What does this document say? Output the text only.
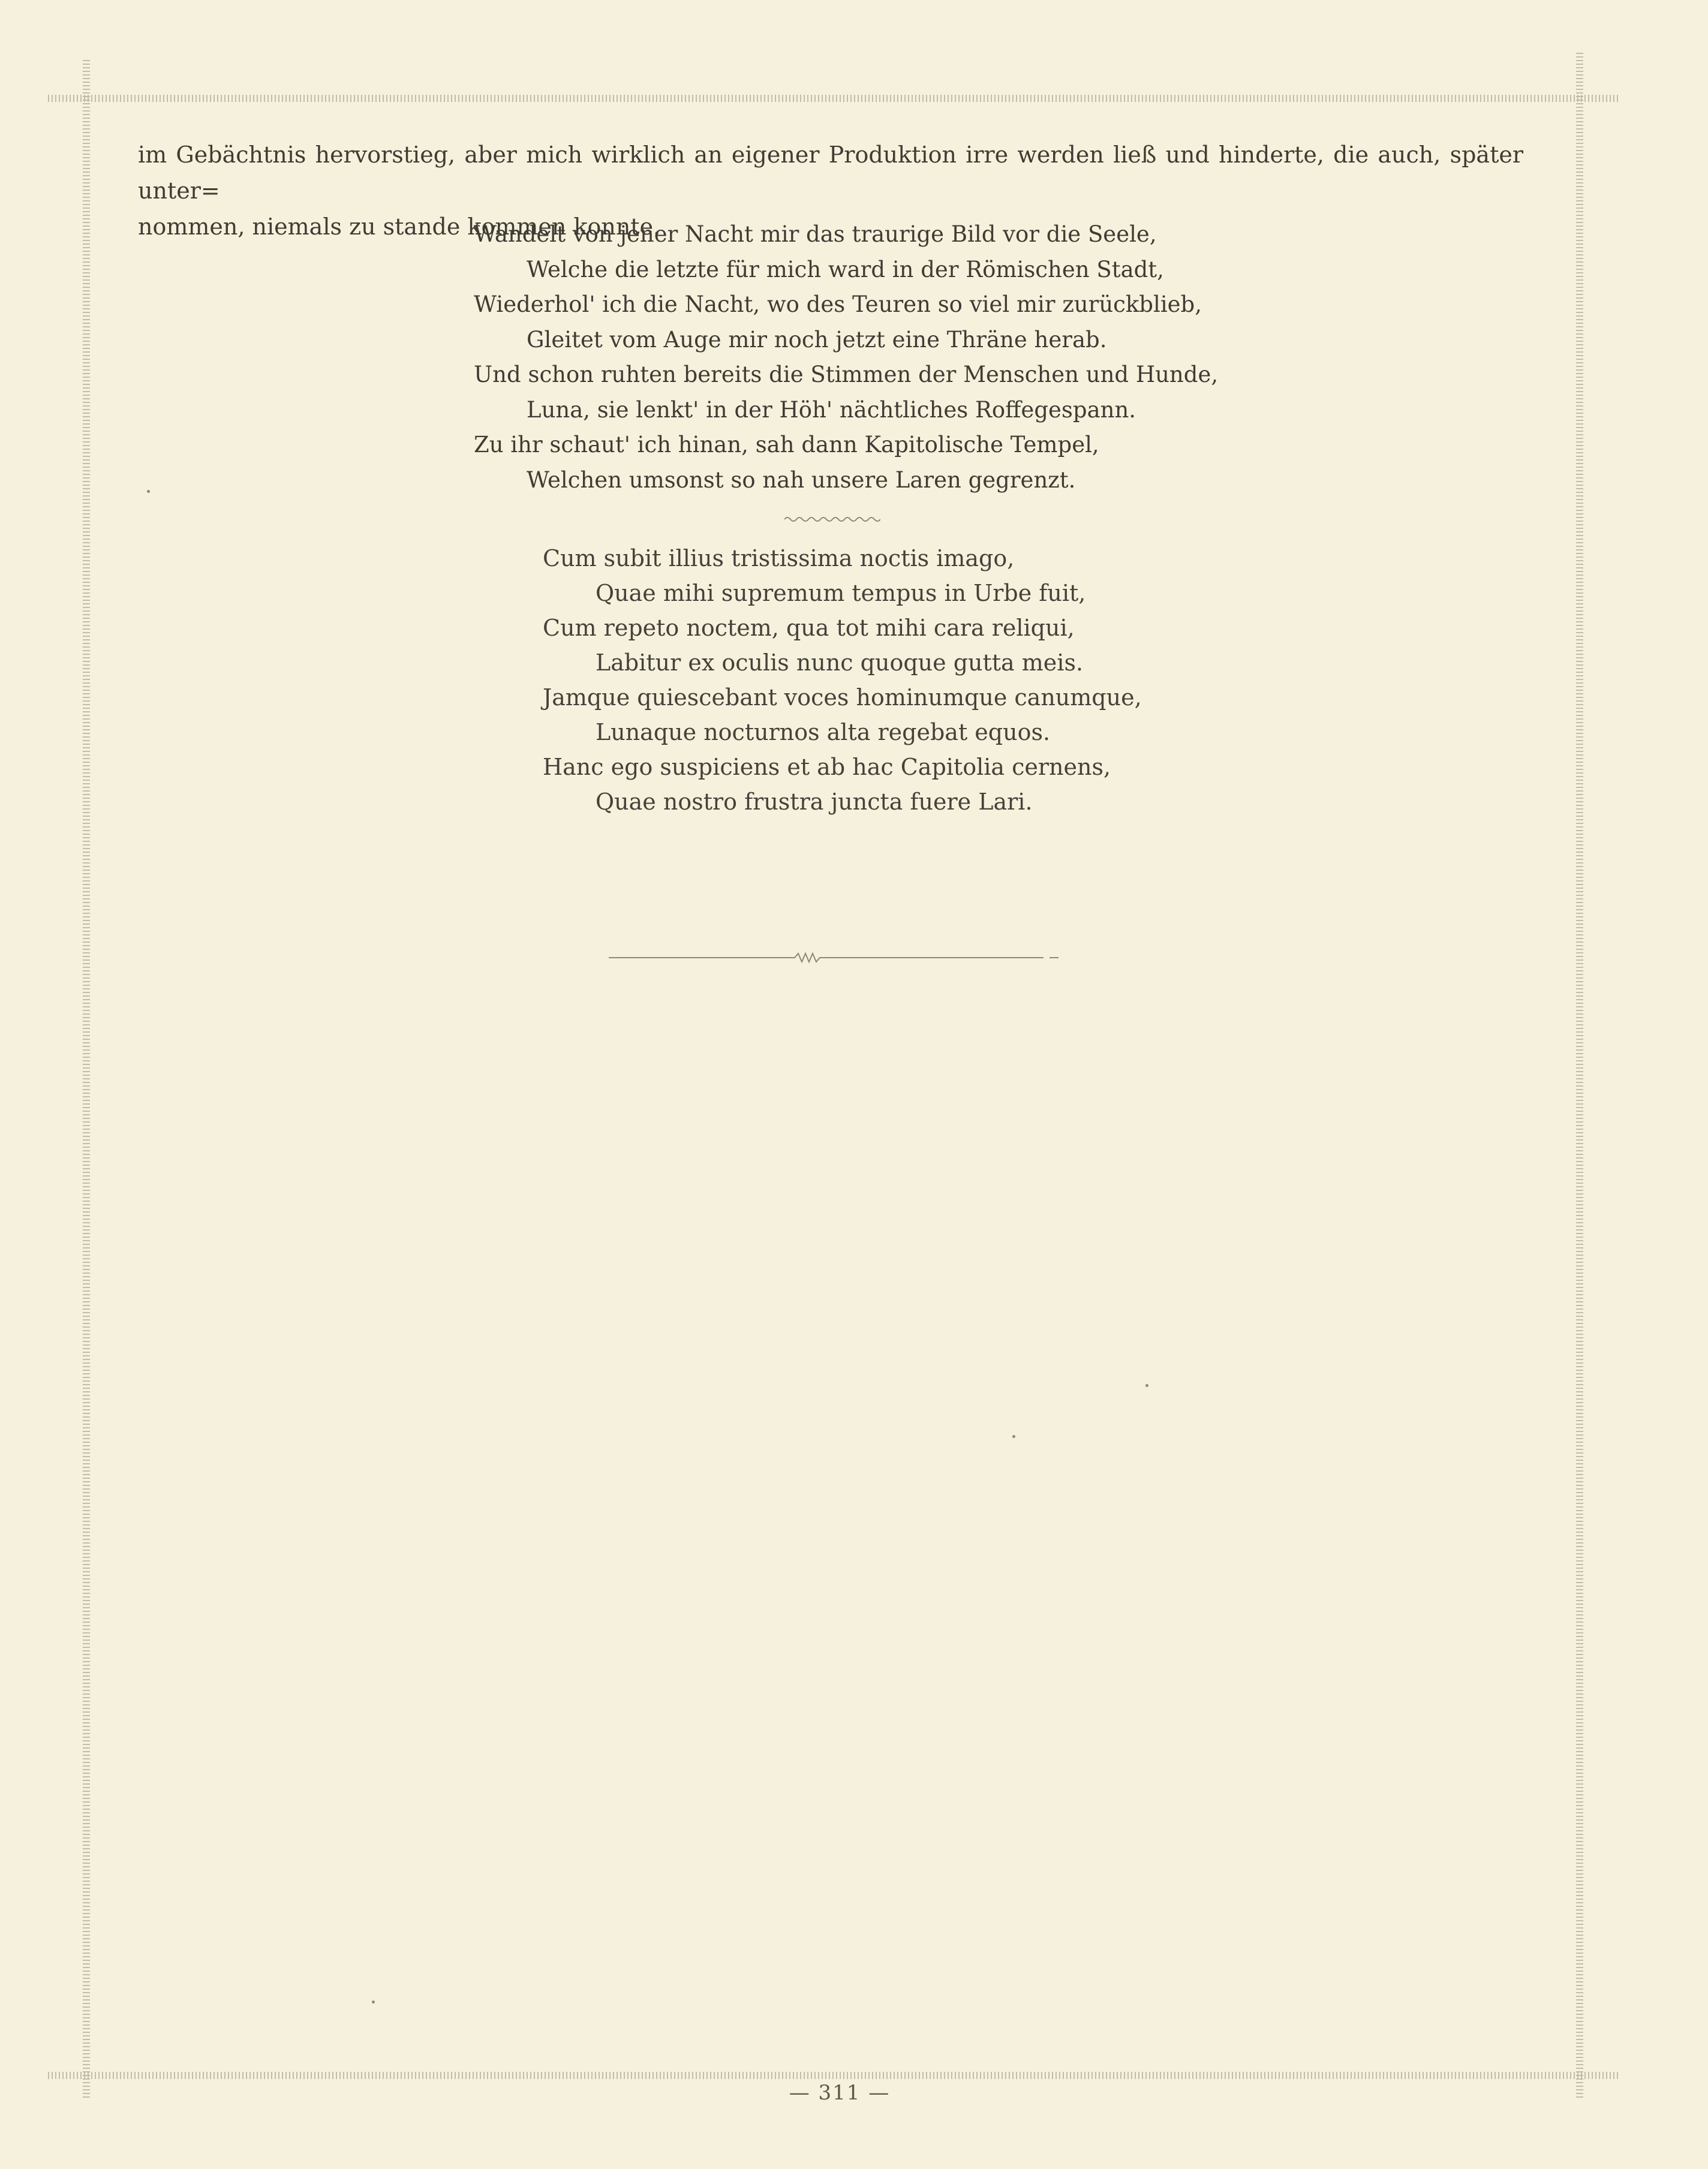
im Gebächtnis hervorstieg, aber mich wirklich an eigener Produktion irre werden ließ und hinderte, die auch, später unter=
nommen, niemals zu stande kommen konnte.
Wandelt von jener Nacht mir das traurige Bild vor die Seele,
Welche die letzte für mich ward in der Römischen Stadt,
Wiederhol' ich die Nacht, wo des Teuren so viel mir zurückblieb,
Gleitet vom Auge mir noch jetzt eine Thräne herab.
Und schon ruhten bereits die Stimmen der Menschen und Hunde,
Luna, sie lenkt' in der Höh' nächtliches Roffegespann.
Zu ihr schaut' ich hinan, sah dann Kapitolische Tempel,
Welchen umsonst so nah unsere Laren gegrenzt.
Cum subit illius tristissima noctis imago,
Quae mihi supremum tempus in Urbe fuit,
Cum repeto noctem, qua tot mihi cara reliqui,
Labitur ex oculis nunc quoque gutta meis.
Jamque quiescebant voces hominumque canumque,
Lunaque nocturnos alta regebat equos.
Hanc ego suspiciens et ab hac Capitolia cernens,
Quae nostro frustra juncta fuere Lari.
— 311 —
